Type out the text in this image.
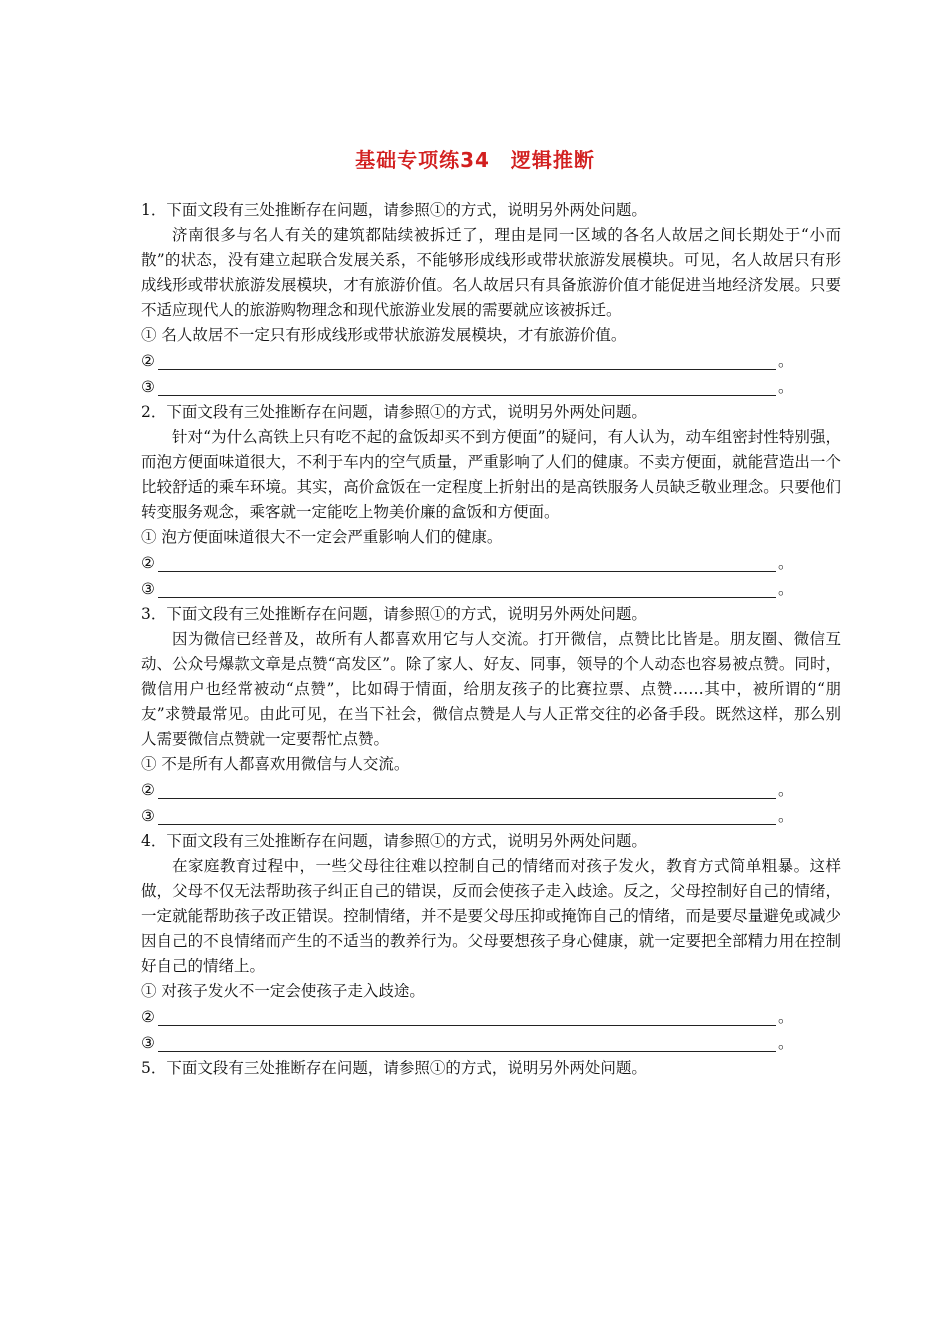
基础专项练34　逻辑推断
1．下面文段有三处推断存在问题，请参照①的方式，说明另外两处问题。

济南很多与名人有关的建筑都陆续被拆迁了，理由是同一区域的各名人故居之间长期处于“小而散”的状态，没有建立起联合发展关系，不能够形成线形或带状旅游发展模块。可见，名人故居只有形成线形或带状旅游发展模块，才有旅游价值。名人故居只有具备旅游价值才能促进当地经济发展。只要不适应现代人的旅游购物理念和现代旅游业发展的需要就应该被拆迁。

① 名人故居不一定只有形成线形或带状旅游发展模块，才有旅游价值。
②	。
③	。
2．下面文段有三处推断存在问题，请参照①的方式，说明另外两处问题。

针对“为什么高铁上只有吃不起的盒饭却买不到方便面”的疑问，有人认为，动车组密封性特别强，而泡方便面味道很大，不利于车内的空气质量，严重影响了人们的健康。不卖方便面，就能营造出一个比较舒适的乘车环境。其实，高价盒饭在一定程度上折射出的是高铁服务人员缺乏敬业理念。只要他们转变服务观念，乘客就一定能吃上物美价廉的盒饭和方便面。

① 泡方便面味道很大不一定会严重影响人们的健康。
②	。
③	。
3．下面文段有三处推断存在问题，请参照①的方式，说明另外两处问题。

因为微信已经普及，故所有人都喜欢用它与人交流。打开微信，点赞比比皆是。朋友圈、微信互动、公众号爆款文章是点赞“高发区”。除了家人、好友、同事，领导的个人动态也容易被点赞。同时，微信用户也经常被动“点赞”，比如碍于情面，给朋友孩子的比赛拉票、点赞……其中，被所谓的“朋友”求赞最常见。由此可见，在当下社会，微信点赞是人与人正常交往的必备手段。既然这样，那么别人需要微信点赞就一定要帮忙点赞。

① 不是所有人都喜欢用微信与人交流。
②	。
③	。
4．下面文段有三处推断存在问题，请参照①的方式，说明另外两处问题。

在家庭教育过程中，一些父母往往难以控制自己的情绪而对孩子发火，教育方式简单粗暴。这样做，父母不仅无法帮助孩子纠正自己的错误，反而会使孩子走入歧途。反之，父母控制好自己的情绪，一定就能帮助孩子改正错误。控制情绪，并不是要父母压抑或掩饰自己的情绪，而是要尽量避免或减少因自己的不良情绪而产生的不适当的教养行为。父母要想孩子身心健康，就一定要把全部精力用在控制好自己的情绪上。

① 对孩子发火不一定会使孩子走入歧途。
②	。
③	。
5．下面文段有三处推断存在问题，请参照①的方式，说明另外两处问题。
